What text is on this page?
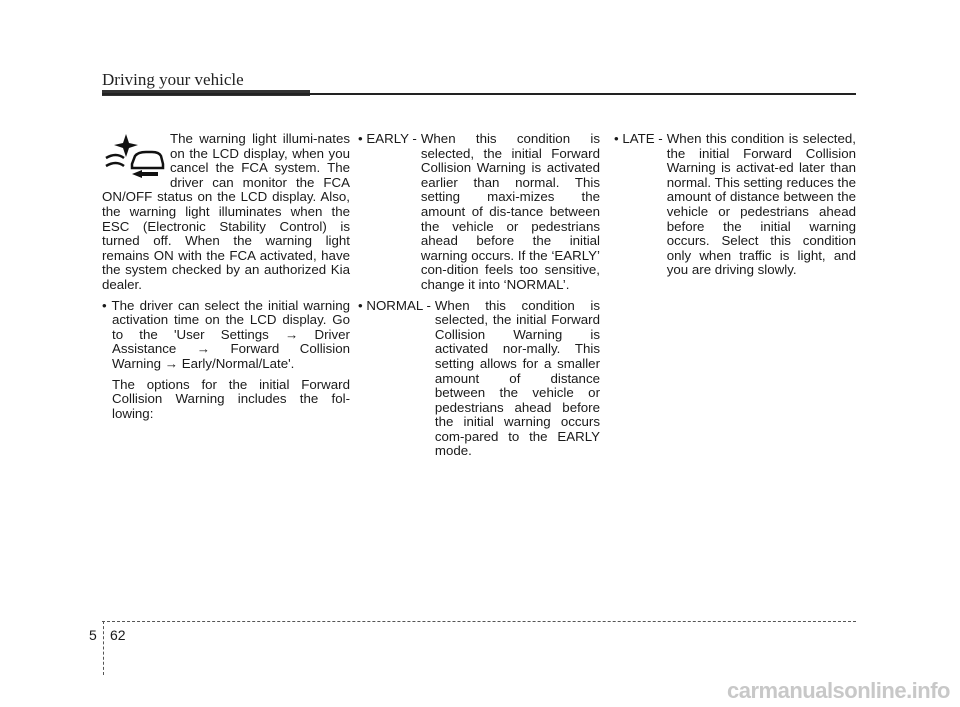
Driving your vehicle

The warning light illumi-nates on the LCD display, when you cancel the FCA system. The driver can monitor the FCA ON/OFF status on the LCD display. Also, the warning light illuminates when the ESC (Electronic Stability Control) is turned off. When the warning light remains ON with the FCA activated, have the system checked by an authorized Kia dealer.

• The driver can select the initial warning activation time on the LCD display. Go to the 'User Settings → Driver Assistance → Forward Collision Warning → Early/Normal/Late'.

The options for the initial Forward Collision Warning includes the fol-lowing:

• EARLY - When this condition is selected, the initial Forward Collision Warning is activated earlier than normal. This setting maxi-mizes the amount of dis-tance between the vehicle or pedestrians ahead before the initial warning occurs. If the ‘EARLY’ con-dition feels too sensitive, change it into ‘NORMAL’.
• NORMAL - When this condition is selected, the initial Forward Collision Warning is activated nor-mally. This setting allows for a smaller amount of distance between the vehicle or pedestrians ahead before the initial warning occurs com-pared to the EARLY mode.
• LATE - When this condition is selected, the initial Forward Collision Warning is activat-ed later than normal. This setting reduces the amount of distance between the vehicle or pedestrians ahead before the initial warning occurs. Select this condition only when traffic is light, and you are driving slowly.
5 62
carmanualsonline.info
